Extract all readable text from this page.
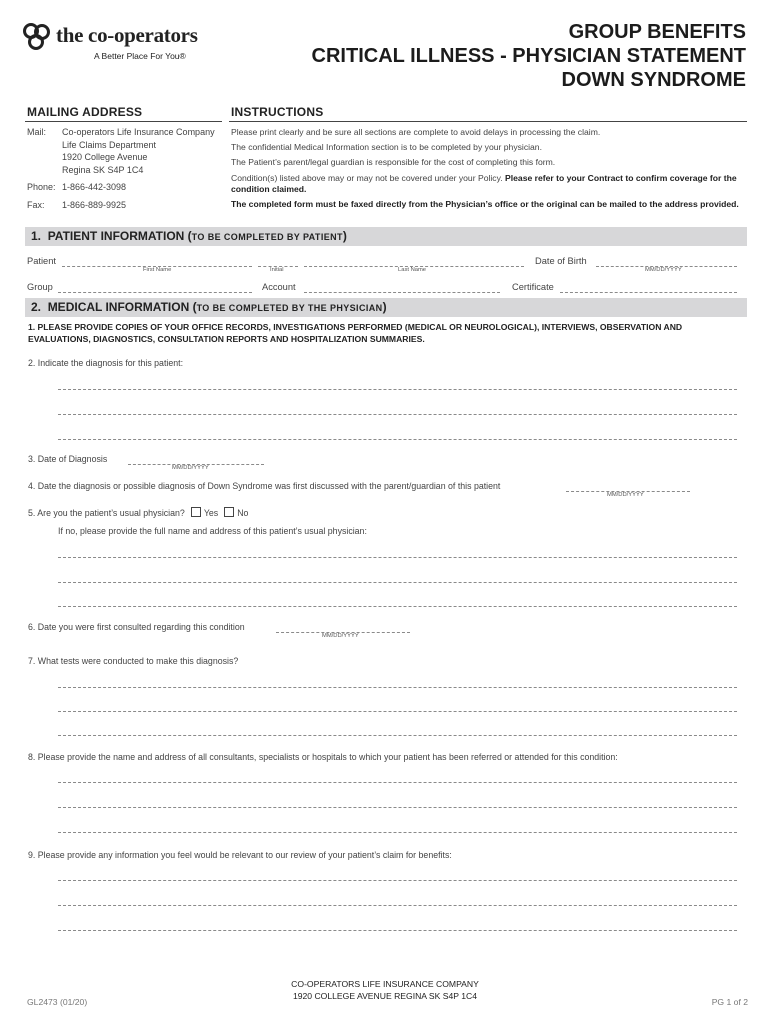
the co-operators
A Better Place For You®
GROUP BENEFITS
CRITICAL ILLNESS - PHYSICIAN STATEMENT
DOWN SYNDROME
MAILING ADDRESS	INSTRUCTIONS
Mail: Co-operators Life Insurance Company
Life Claims Department
1920 College Avenue
Regina SK S4P 1C4
Phone: 1-866-442-3098
Fax: 1-866-889-9925
Please print clearly and be sure all sections are complete to avoid delays in processing the claim.
The confidential Medical Information section is to be completed by your physician.
The Patient’s parent/legal guardian is responsible for the cost of completing this form.
Condition(s) listed above may or may not be covered under your Policy. Please refer to your Contract to confirm coverage for the condition claimed.
The completed form must be faxed directly from the Physician’s office or the original can be mailed to the address provided.
1. PATIENT INFORMATION (TO BE COMPLETED BY PATIENT)
Patient
First Name	Initial	Last Name
Date of Birth
MM/DD/YYYY
Group	Account	Certificate
2. MEDICAL INFORMATION (TO BE COMPLETED BY THE PHYSICIAN)
1. PLEASE PROVIDE COPIES OF YOUR OFFICE RECORDS, INVESTIGATIONS PERFORMED (MEDICAL OR NEUROLOGICAL), INTERVIEWS, OBSERVATION AND EVALUATIONS, DIAGNOSTICS, CONSULTATION REPORTS AND HOSPITALIZATION SUMMARIES.
2. Indicate the diagnosis for this patient:
3. Date of Diagnosis
MM/DD/YYYY
4. Date the diagnosis or possible diagnosis of Down Syndrome was first discussed with the parent/guardian of this patient
MM/DD/YYYY
5. Are you the patient’s usual physician? Yes No
If no, please provide the full name and address of this patient’s usual physician:
6. Date you were first consulted regarding this condition
MM/DD/YYYY
7. What tests were conducted to make this diagnosis?
8. Please provide the name and address of all consultants, specialists or hospitals to which your patient has been referred or attended for this condition:
9. Please provide any information you feel would be relevant to our review of your patient’s claim for benefits:
CO-OPERATORS LIFE INSURANCE COMPANY
1920 COLLEGE AVENUE REGINA SK S4P 1C4
GL2473 (01/20)	PG 1 of 2
